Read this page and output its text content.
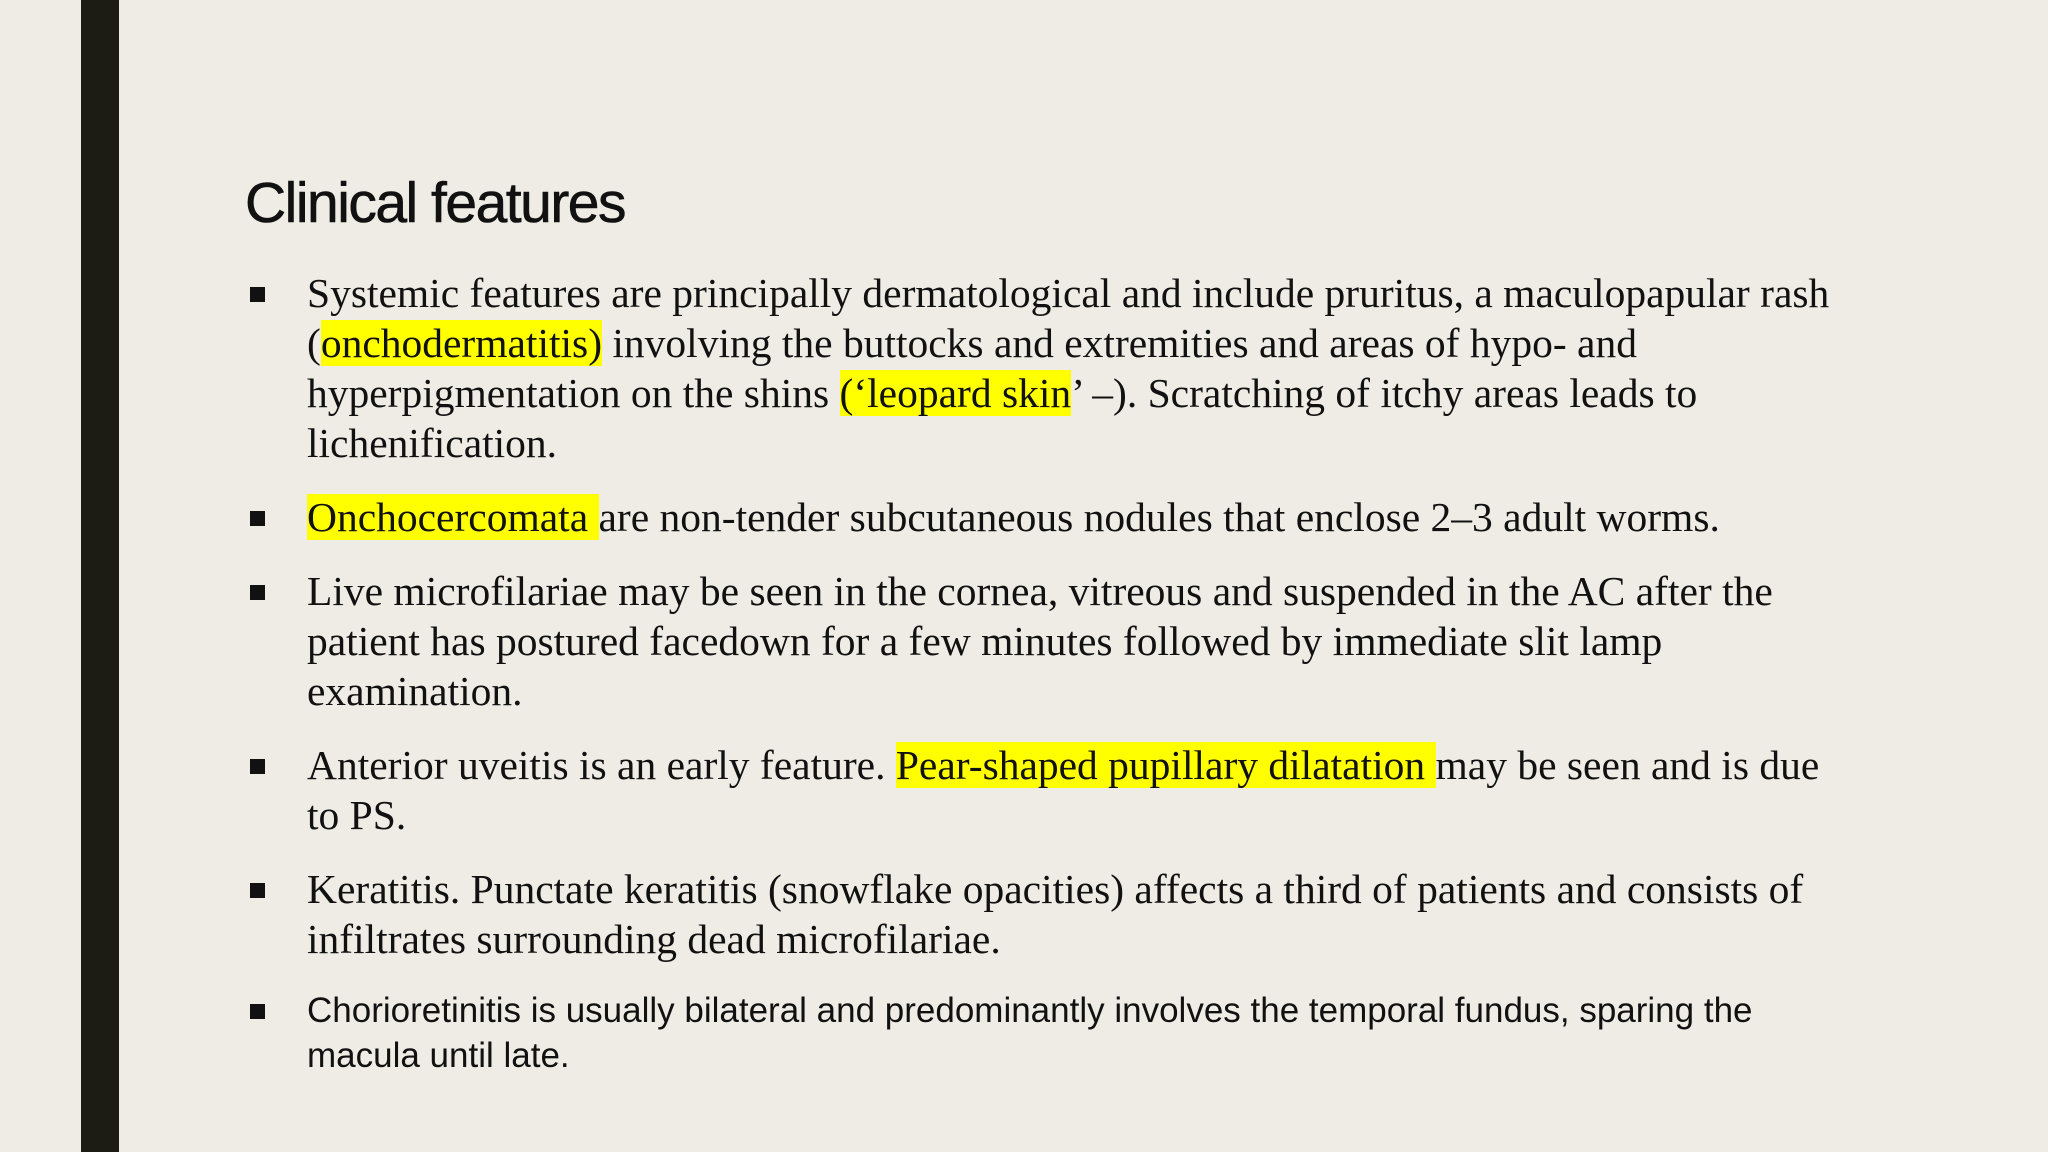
Clinical features
Systemic features are principally dermatological and include pruritus, a maculopapular rash (onchodermatitis) involving the buttocks and extremities and areas of hypo- and hyperpigmentation on the shins (‘leopard skin’ –). Scratching of itchy areas leads to lichenification.
Onchocercomata are non-tender subcutaneous nodules that enclose 2–3 adult worms.
Live microfilariae may be seen in the cornea, vitreous and suspended in the AC after the patient has postured facedown for a few minutes followed by immediate slit lamp examination.
Anterior uveitis is an early feature. Pear-shaped pupillary dilatation may be seen and is due to PS.
Keratitis. Punctate keratitis (snowflake opacities) affects a third of patients and consists of infiltrates surrounding dead microfilariae.
Chorioretinitis is usually bilateral and predominantly involves the temporal fundus, sparing the macula until late.
